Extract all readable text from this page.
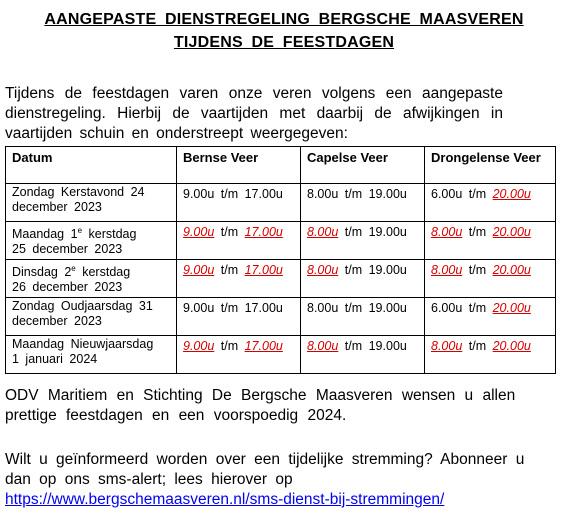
AANGEPASTE DIENSTREGELING BERGSCHE MAASVEREN
TIJDENS DE FEESTDAGEN
Tijdens de feestdagen varen onze veren volgens een aangepaste dienstregeling. Hierbij de vaartijden met daarbij de afwijkingen in vaartijden schuin en onderstreept weergegeven:
Datum	Bernse Veer	Capelse Veer	Drongelense Veer
Zondag Kerstavond 24
december 2023	9.00u t/m 17.00u	8.00u t/m 19.00u	6.00u t/m 20.00u
Maandag 1e kerstdag
25 december 2023	9.00u t/m 17.00u	8.00u t/m 19.00u	8.00u t/m 20.00u
Dinsdag 2e kerstdag
26 december 2023	9.00u t/m 17.00u	8.00u t/m 19.00u	8.00u t/m 20.00u
Zondag Oudjaarsdag 31
december 2023	9.00u t/m 17.00u	8.00u t/m 19.00u	6.00u t/m 20.00u
Maandag Nieuwjaarsdag
1 januari 2024	9.00u t/m 17.00u	8.00u t/m 19.00u	8.00u t/m 20.00u
ODV Maritiem en Stichting De Bergsche Maasveren wensen u allen prettige feestdagen en een voorspoedig 2024.
Wilt u geïnformeerd worden over een tijdelijke stremming? Abonneer u dan op ons sms-alert; lees hierover op
https://www.bergschemaasveren.nl/sms-dienst-bij-stremmingen/
